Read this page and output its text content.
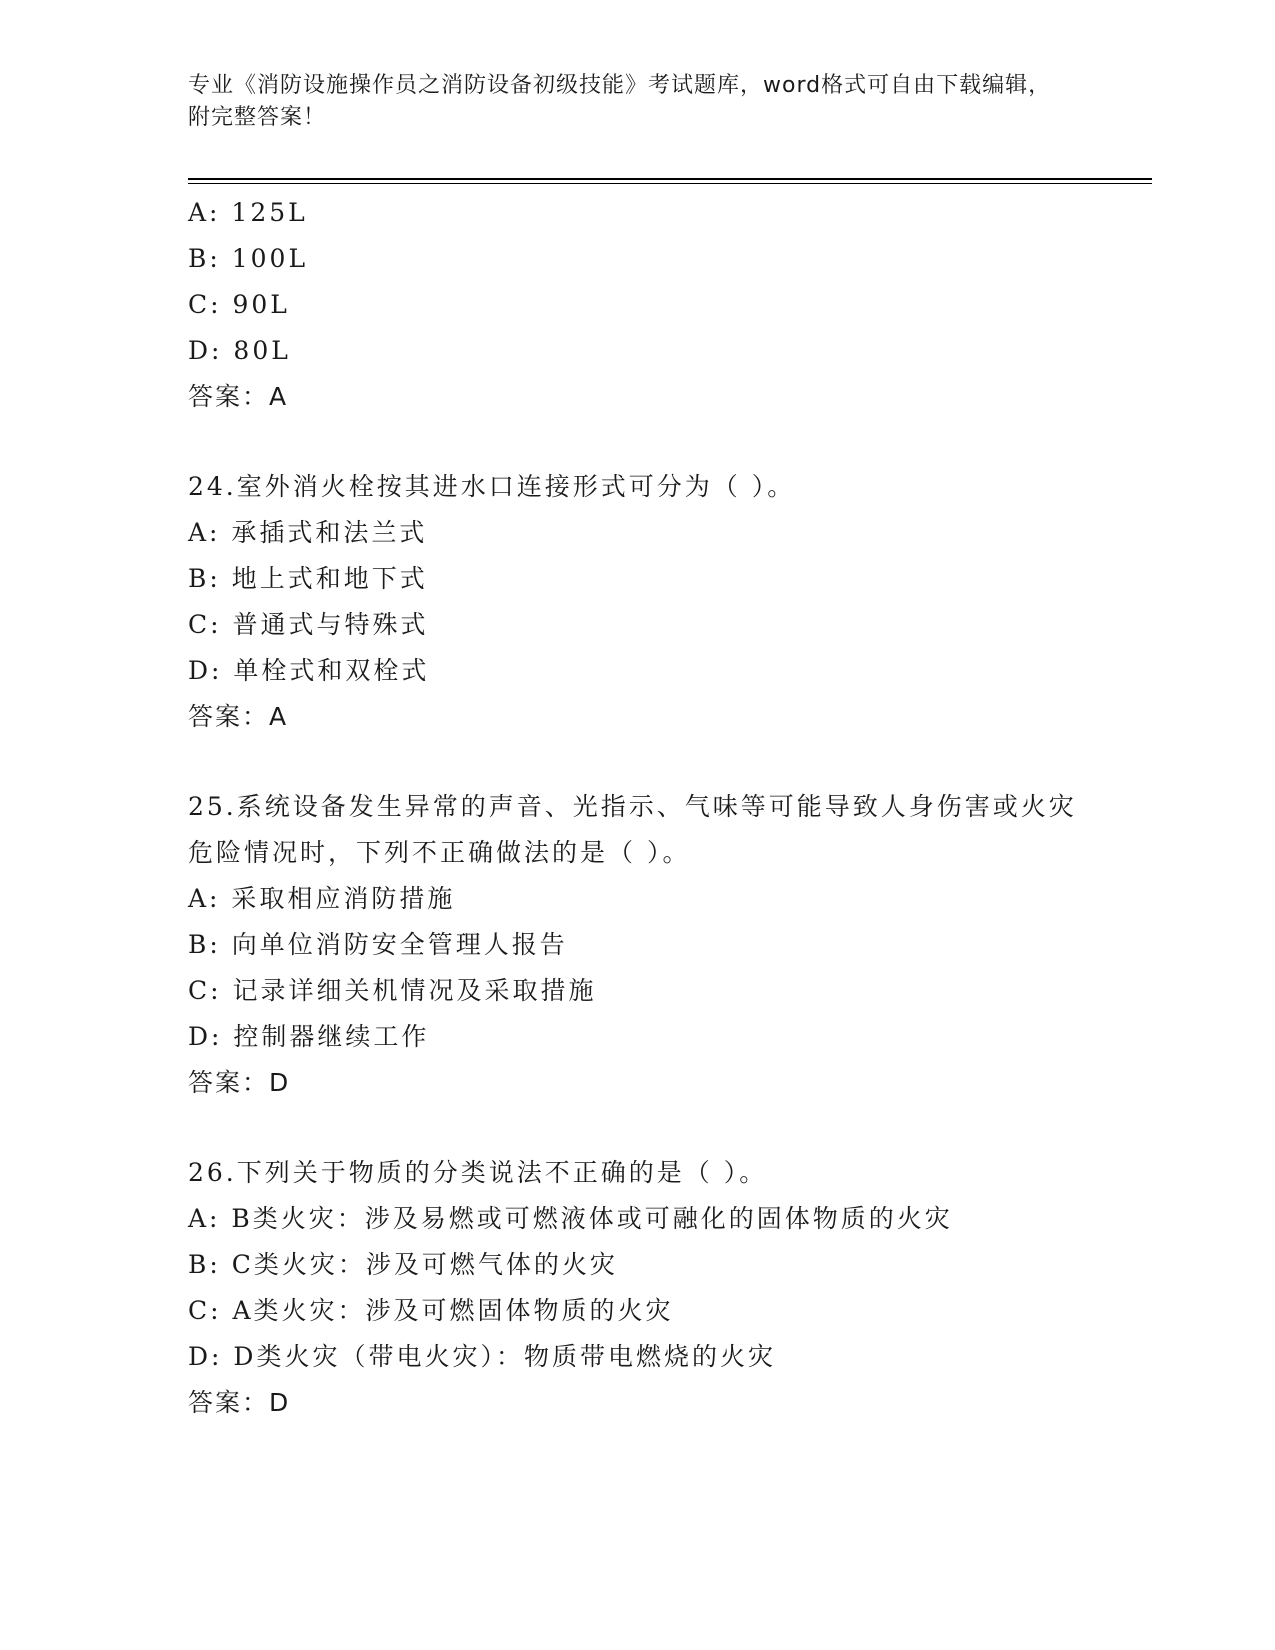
专业《消防设施操作员之消防设备初级技能》考试题库，word格式可自由下载编辑，附完整答案！
A: 125L
B: 100L
C: 90L
D: 80L
答案：A
24.室外消火栓按其进水口连接形式可分为（ ）。
A: 承插式和法兰式
B: 地上式和地下式
C: 普通式与特殊式
D: 单栓式和双栓式
答案：A
25.系统设备发生异常的声音、光指示、气味等可能导致人身伤害或火灾危险情况时，下列不正确做法的是（ ）。
A: 采取相应消防措施
B: 向单位消防安全管理人报告
C: 记录详细关机情况及采取措施
D: 控制器继续工作
答案：D
26.下列关于物质的分类说法不正确的是（ ）。
A: B类火灾：涉及易燃或可燃液体或可融化的固体物质的火灾
B: C类火灾：涉及可燃气体的火灾
C: A类火灾：涉及可燃固体物质的火灾
D: D类火灾（带电火灾）：物质带电燃烧的火灾
答案：D
